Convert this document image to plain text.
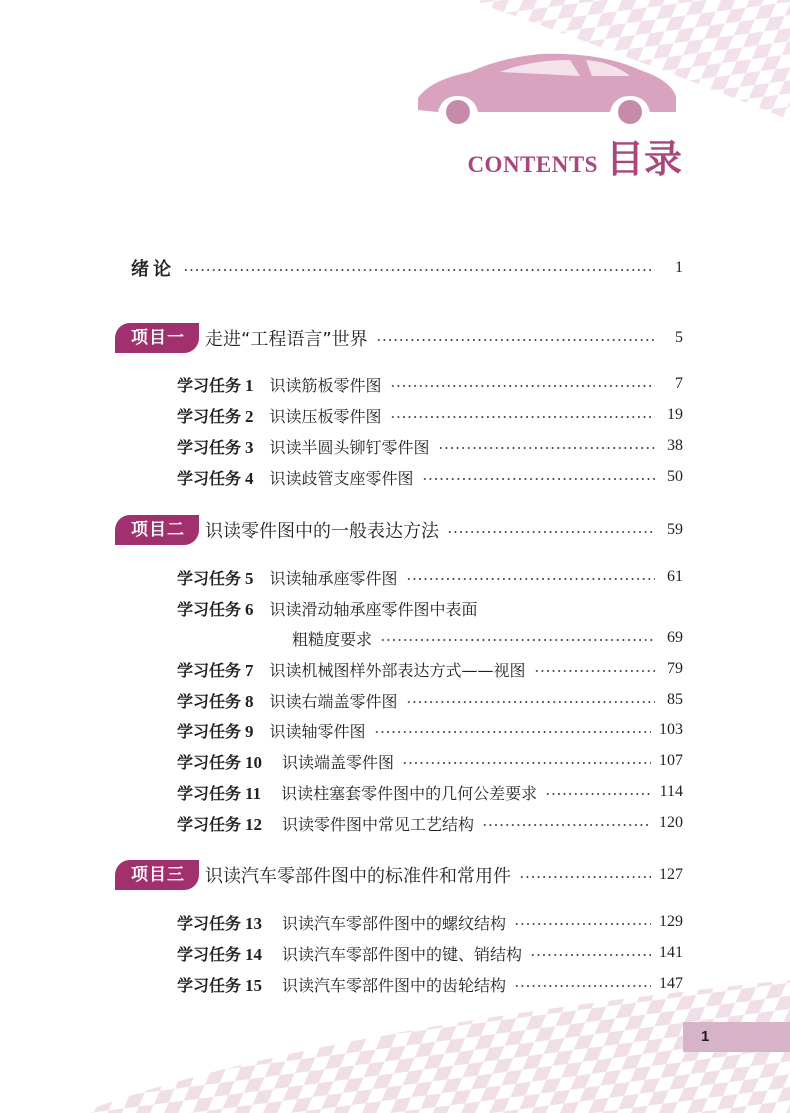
CONTENTS 目录
绪论	1
项目一	走进“工程语言”世界	5
学习任务 1 识读筋板零件图	7
学习任务 2 识读压板零件图	19
学习任务 3 识读半圆头铆钉零件图	38
学习任务 4 识读歧管支座零件图	50
项目二	识读零件图中的一般表达方法	59
学习任务 5 识读轴承座零件图	61
学习任务 6 识读滑动轴承座零件图中表面
粗糙度要求	69
学习任务 7 识读机械图样外部表达方式——视图	79
学习任务 8 识读右端盖零件图	85
学习任务 9 识读轴零件图	103
学习任务 10 识读端盖零件图	107
学习任务 11 识读柱塞套零件图中的几何公差要求	114
学习任务 12 识读零件图中常见工艺结构	120
项目三	识读汽车零部件图中的标准件和常用件	127
学习任务 13 识读汽车零部件图中的螺纹结构	129
学习任务 14 识读汽车零部件图中的键、销结构	141
学习任务 15 识读汽车零部件图中的齿轮结构	147
1
